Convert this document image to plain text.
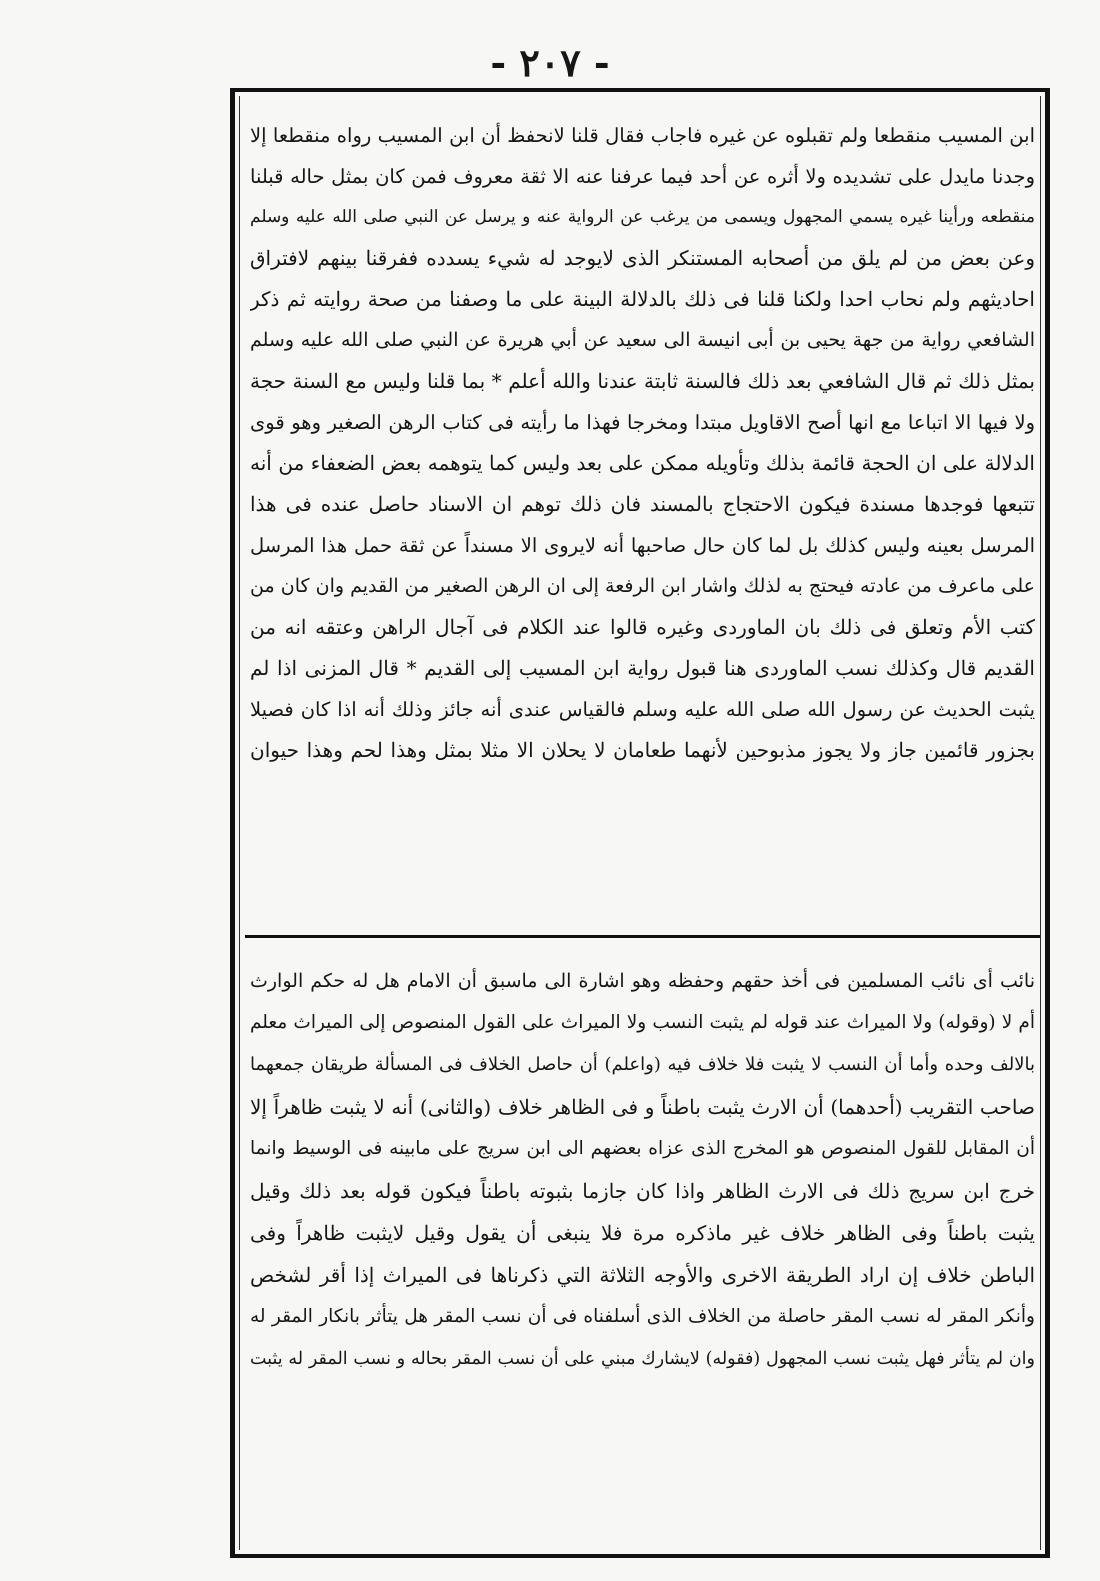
- ٢٠٧ -
ابن المسيب منقطعا ولم تقبلوه عن غيره فاجاب فقال قلنا لانحفظ أن ابن المسيب رواه منقطعا إلا
وجدنا مايدل على تشديده ولا أثره عن أحد فيما عرفنا عنه الا ثقة معروف فمن كان بمثل حاله قبلنا
منقطعه ورأينا غيره يسمي المجهول ويسمى من يرغب عن الرواية عنه و يرسل عن النبي صلى الله عليه وسلم
وعن بعض من لم يلق من أصحابه المستنكر الذى لايوجد له شيء يسدده ففرقنا بينهم لافتراق
احاديثهم ولم نحاب احدا ولكنا قلنا فى ذلك بالدلالة البينة على ما وصفنا من صحة روايته ثم ذكر
الشافعي رواية من جهة يحيى بن أبى انيسة الى سعيد عن أبي هريرة عن النبي صلى الله عليه وسلم
بمثل ذلك ثم قال الشافعي بعد ذلك فالسنة ثابتة عندنا والله أعلم * بما قلنا وليس مع السنة حجة
ولا فيها الا اتباعا مع انها أصح الاقاويل مبتدا ومخرجا فهذا ما رأيته فى كتاب الرهن الصغير وهو قوى
الدلالة على ان الحجة قائمة بذلك وتأويله ممكن على بعد وليس كما يتوهمه بعض الضعفاء من أنه
تتبعها فوجدها مسندة فيكون الاحتجاج بالمسند فان ذلك توهم ان الاسناد حاصل عنده فى هذا
المرسل بعينه وليس كذلك بل لما كان حال صاحبها أنه لايروى الا مسنداً عن ثقة حمل هذا المرسل
على ماعرف من عادته فيحتج به لذلك واشار ابن الرفعة إلى ان الرهن الصغير من القديم وان كان من
كتب الأم وتعلق فى ذلك بان الماوردى وغيره قالوا عند الكلام فى آجال الراهن وعتقه انه من
القديم قال وكذلك نسب الماوردى هنا قبول رواية ابن المسيب إلى القديم * قال المزنى اذا لم
يثبت الحديث عن رسول الله صلى الله عليه وسلم فالقياس عندى أنه جائز وذلك أنه اذا كان فصيلا
بجزور قائمين جاز ولا يجوز مذبوحين لأنهما طعامان لا يحلان الا مثلا بمثل وهذا لحم وهذا حيوان
نائب أى نائب المسلمين فى أخذ حقهم وحفظه وهو اشارة الى ماسبق أن الامام هل له حكم الوارث
أم لا (وقوله) ولا الميراث عند قوله لم يثبت النسب ولا الميراث على القول المنصوص إلى الميراث معلم
بالالف وحده وأما أن النسب لا يثبت فلا خلاف فيه (واعلم) أن حاصل الخلاف فى المسألة طريقان جمعهما
صاحب التقريب (أحدهما) أن الارث يثبت باطناً و فى الظاهر خلاف (والثانى) أنه لا يثبت ظاهراً إلا
أن المقابل للقول المنصوص هو المخرج الذى عزاه بعضهم الى ابن سريج على مابينه فى الوسيط وانما
خرج ابن سريج ذلك فى الارث الظاهر واذا كان جازما بثبوته باطناً فيكون قوله بعد ذلك وقيل
يثبت باطناً وفى الظاهر خلاف غير ماذكره مرة فلا ينبغى أن يقول وقيل لايثبت ظاهراً وفى
الباطن خلاف إن اراد الطريقة الاخرى والأوجه الثلاثة التي ذكرناها فى الميراث إذا أقر لشخص
وأنكر المقر له نسب المقر حاصلة من الخلاف الذى أسلفناه فى أن نسب المقر هل يتأثر بانكار المقر له
وان لم يتأثر فهل يثبت نسب المجهول (فقوله) لايشارك مبني على أن نسب المقر بحاله و نسب المقر له يثبت
